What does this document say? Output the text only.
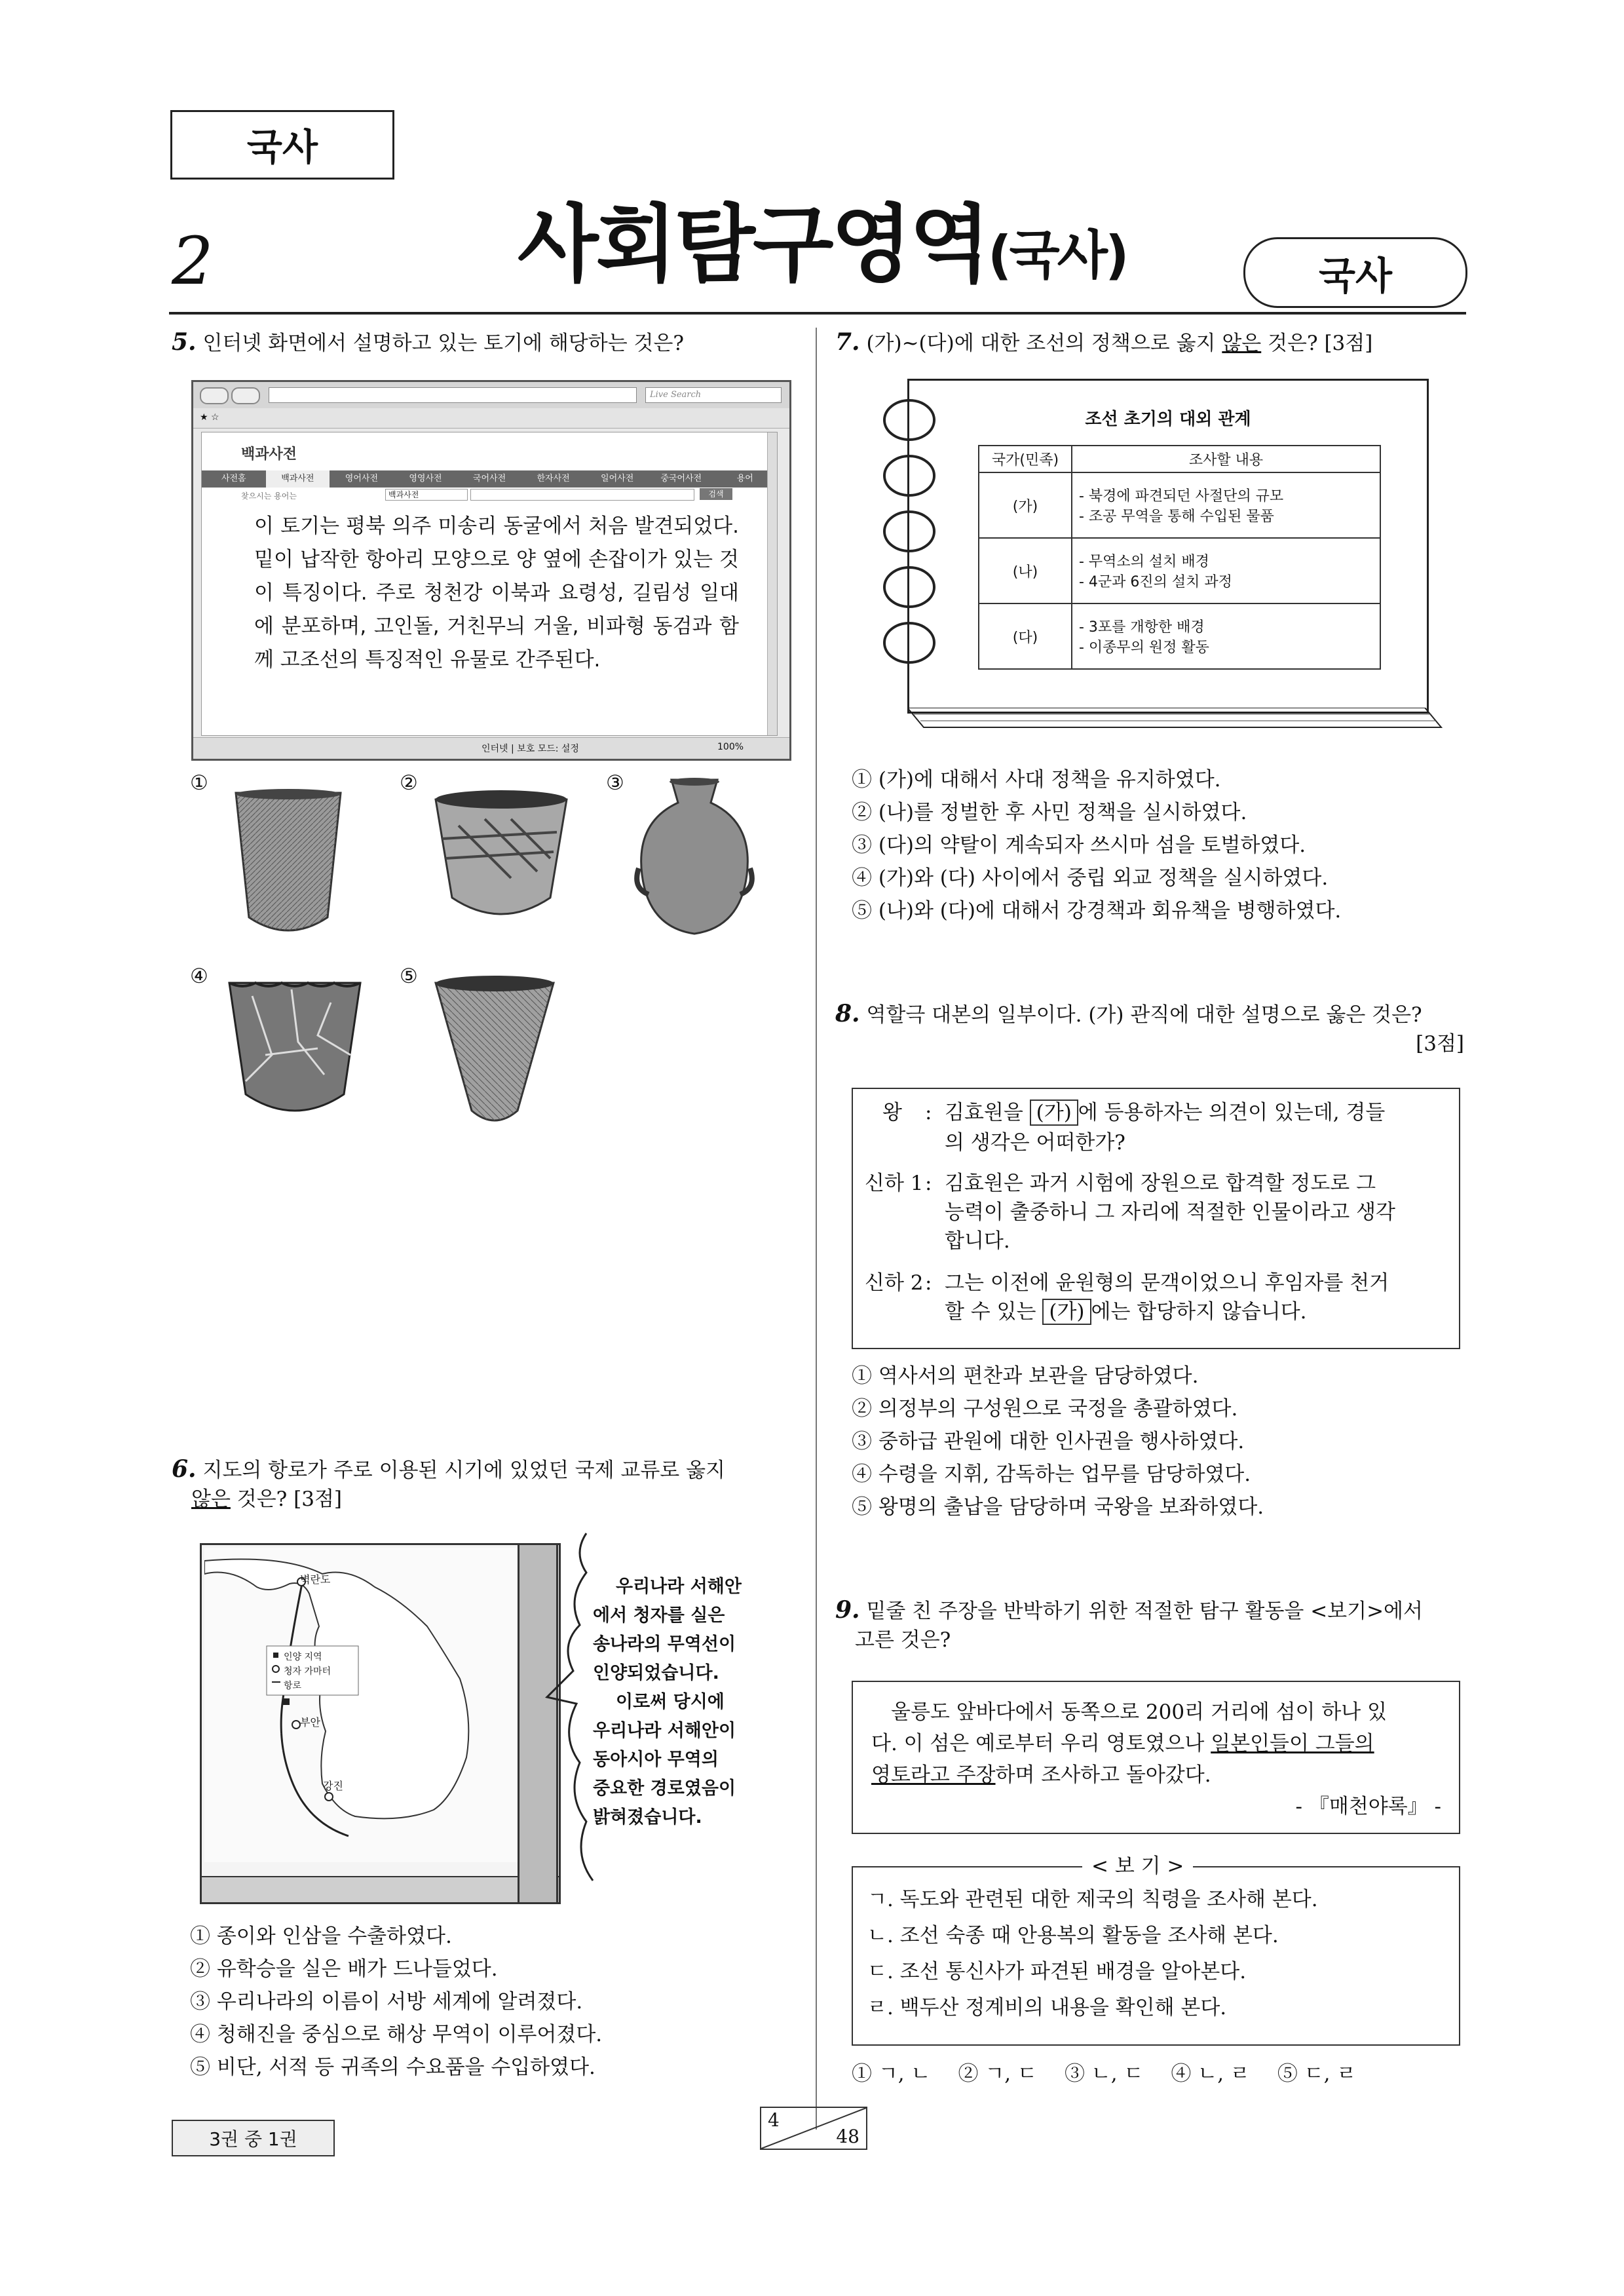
국사
2	사회탐구영역(국사)	국사
5. 인터넷 화면에서 설명하고 있는 토기에 해당하는 것은?
Live Search
★ ☆
백과사전
사전홈	백과사전	영어사전	영영사전	국어사전	한자사전	일어사전	중국어사전	용어
찾으시는 용어는	백과사전	검색
이 토기는 평북 의주 미송리 동굴에서 처음 발견되었다. 밑이 납작한 항아리 모양으로 양 옆에 손잡이가 있는 것이 특징이다. 주로 청천강 이북과 요령성, 길림성 일대에 분포하며, 고인돌, 거친무늬 거울, 비파형 동검과 함께 고조선의 특징적인 유물로 간주된다.
인터넷 | 보호 모드: 설정	100%
①	②	③
④	⑤
6. 지도의 항로가 주로 이용된 시기에 있었던 국제 교류로 옳지
않은 것은? [3점]
벽란도
부안
강진
인양 지역
청자 가마터
항로
우리나라 서해안
에서 청자를 실은
송나라의 무역선이
인양되었습니다.
이로써 당시에
우리나라 서해안이
동아시아 무역의
중요한 경로였음이
밝혀졌습니다.
① 종이와 인삼을 수출하였다.
② 유학승을 실은 배가 드나들었다.
③ 우리나라의 이름이 서방 세계에 알려졌다.
④ 청해진을 중심으로 해상 무역이 이루어졌다.
⑤ 비단, 서적 등 귀족의 수요품을 수입하였다.
7. (가)~(다)에 대한 조선의 정책으로 옳지 않은 것은? [3점]
조선 초기의 대외 관계
국가(민족)	조사할 내용
(가)	- 북경에 파견되던 사절단의 규모
- 조공 무역을 통해 수입된 물품

(나)	- 무역소의 설치 배경
- 4군과 6진의 설치 과정

(다)	- 3포를 개항한 배경
- 이종무의 원정 활동
① (가)에 대해서 사대 정책을 유지하였다.
② (나)를 정벌한 후 사민 정책을 실시하였다.
③ (다)의 약탈이 계속되자 쓰시마 섬을 토벌하였다.
④ (가)와 (다) 사이에서 중립 외교 정책을 실시하였다.
⑤ (나)와 (다)에 대해서 강경책과 회유책을 병행하였다.
8. 역할극 대본의 일부이다. (가) 관직에 대한 설명으로 옳은 것은?
[3점]
왕 : 김효원을 (가) 에 등용하자는 의견이 있는데, 경들
의 생각은 어떠한가?
신하 1 : 김효원은 과거 시험에 장원으로 합격할 정도로 그
능력이 출중하니 그 자리에 적절한 인물이라고 생각
합니다.
신하 2 : 그는 이전에 윤원형의 문객이었으니 후임자를 천거
할 수 있는 (가) 에는 합당하지 않습니다.
① 역사서의 편찬과 보관을 담당하였다.
② 의정부의 구성원으로 국정을 총괄하였다.
③ 중하급 관원에 대한 인사권을 행사하였다.
④ 수령을 지휘, 감독하는 업무를 담당하였다.
⑤ 왕명의 출납을 담당하며 국왕을 보좌하였다.
9. 밑줄 친 주장을 반박하기 위한 적절한 탐구 활동을 <보기>에서
고른 것은?
울릉도 앞바다에서 동쪽으로 200리 거리에 섬이 하나 있
다. 이 섬은 예로부터 우리 영토였으나 일본인들이 그들의
영토라고 주장하며 조사하고 돌아갔다.
- 『매천야록』 -
< 보 기 >
ㄱ. 독도와 관련된 대한 제국의 칙령을 조사해 본다.
ㄴ. 조선 숙종 때 안용복의 활동을 조사해 본다.
ㄷ. 조선 통신사가 파견된 배경을 알아본다.
ㄹ. 백두산 정계비의 내용을 확인해 본다.
① ㄱ, ㄴ ② ㄱ, ㄷ ③ ㄴ, ㄷ ④ ㄴ, ㄹ ⑤ ㄷ, ㄹ
3권 중 1권
4
48
